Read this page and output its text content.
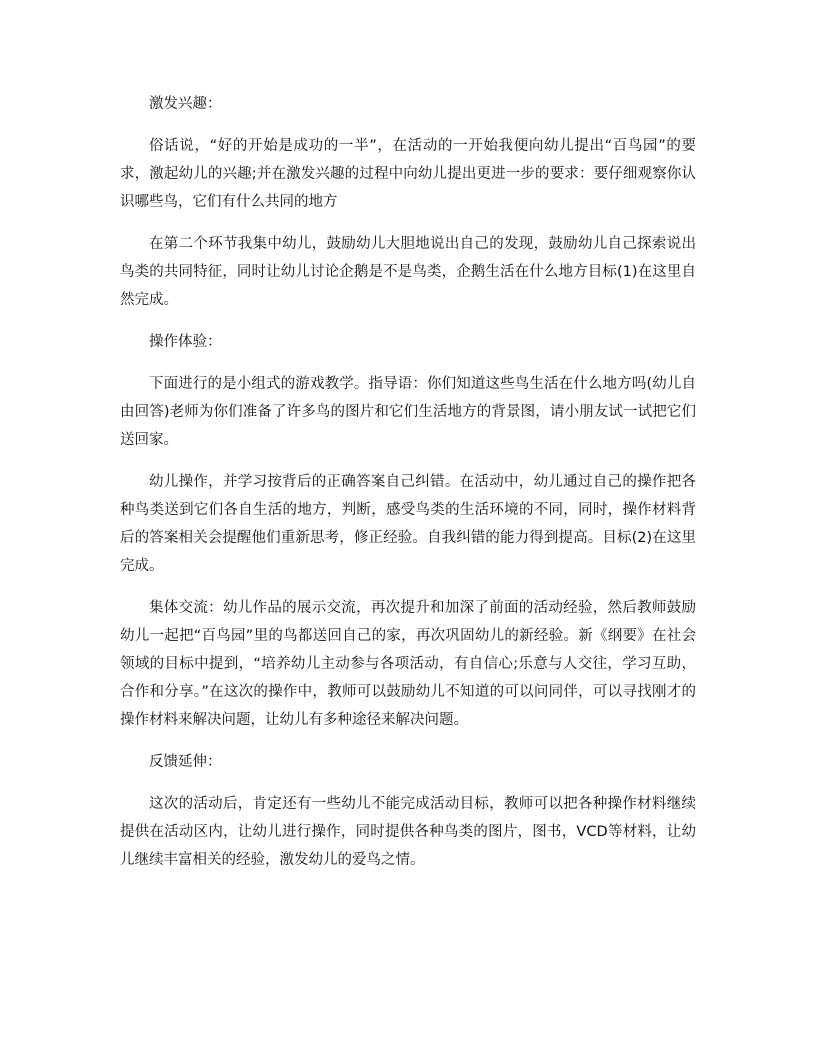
激发兴趣：

俗话说，“好的开始是成功的一半”，在活动的一开始我便向幼儿提出“百鸟园”的要求，激起幼儿的兴趣;并在激发兴趣的过程中向幼儿提出更进一步的要求：要仔细观察你认识哪些鸟，它们有什么共同的地方

在第二个环节我集中幼儿，鼓励幼儿大胆地说出自己的发现，鼓励幼儿自己探索说出鸟类的共同特征，同时让幼儿讨论企鹅是不是鸟类，企鹅生活在什么地方目标(1)在这里自然完成。

操作体验：

下面进行的是小组式的游戏教学。指导语：你们知道这些鸟生活在什么地方吗(幼儿自由回答)老师为你们准备了许多鸟的图片和它们生活地方的背景图，请小朋友试一试把它们送回家。

幼儿操作，并学习按背后的正确答案自己纠错。在活动中，幼儿通过自己的操作把各种鸟类送到它们各自生活的地方，判断，感受鸟类的生活环境的不同，同时，操作材料背后的答案相关会提醒他们重新思考，修正经验。自我纠错的能力得到提高。目标(2)在这里完成。

集体交流：幼儿作品的展示交流，再次提升和加深了前面的活动经验，然后教师鼓励幼儿一起把“百鸟园”里的鸟都送回自己的家，再次巩固幼儿的新经验。新《纲要》在社会领域的目标中提到，“培养幼儿主动参与各项活动，有自信心;乐意与人交往，学习互助，合作和分享。”在这次的操作中，教师可以鼓励幼儿不知道的可以问同伴，可以寻找刚才的操作材料来解决问题，让幼儿有多种途径来解决问题。

反馈延伸：

这次的活动后，肯定还有一些幼儿不能完成活动目标，教师可以把各种操作材料继续提供在活动区内，让幼儿进行操作，同时提供各种鸟类的图片，图书，VCD等材料，让幼儿继续丰富相关的经验，激发幼儿的爱鸟之情。
